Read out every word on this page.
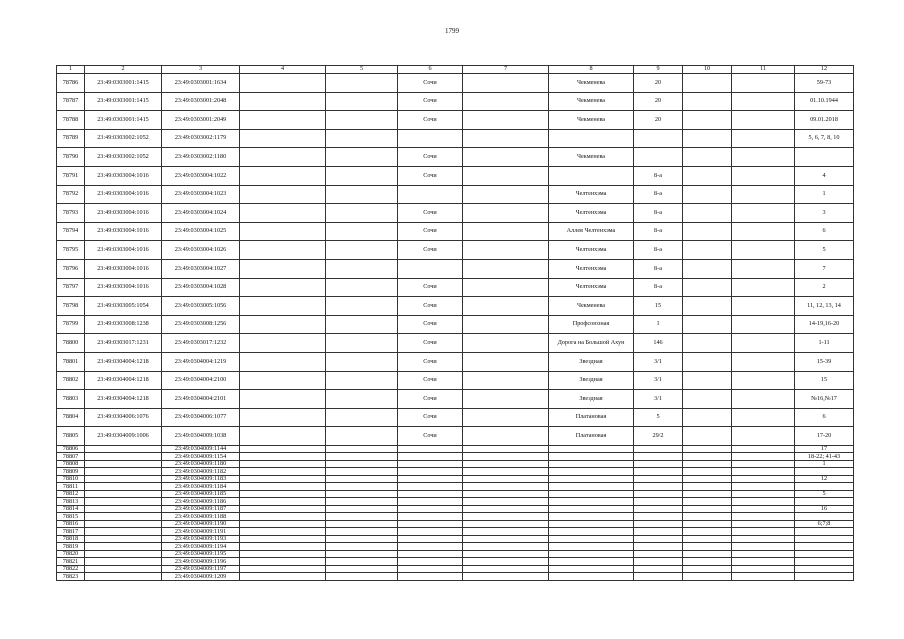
1799
1	2	3	4	5	6	7	8	9	10	11	12
78786	23:49:0303001:1415	23:49:0303001:1634			Сочи		Чекменева	20			59-73
78787	23:49:0303001:1415	23:49:0303001:2048			Сочи		Чекменева	20			01.10.1944
78788	23:49:0303001:1415	23:49:0303001:2049			Сочи		Чекменева	20			09.01.2018
78789	23:49:0303002:1052	23:49:0303002:1179									5, 6, 7, 8, 10
78790	23:49:0303002:1052	23:49:0303002:1180			Сочи		Чекменева				
78791	23:49:0303004:1016	23:49:0303004:1022			Сочи			8-а			4
78792	23:49:0303004:1016	23:49:0303004:1023					Челтенхэма	8-а			1
78793	23:49:0303004:1016	23:49:0303004:1024			Сочи		Челтенхэма	8-а			3
78794	23:49:0303004:1016	23:49:0303004:1025			Сочи		Аллея Челтенхэма	8-а			6
78795	23:49:0303004:1016	23:49:0303004:1026			Сочи		Челтенхэма	8-а			5
78796	23:49:0303004:1016	23:49:0303004:1027					Челтенхэма	8-а			7
78797	23:49:0303004:1016	23:49:0303004:1028			Сочи		Челтенхэма	8-а			2
78798	23:49:0303005:1054	23:49:0303005:1056			Сочи		Чекменева	15			11, 12, 13, 14
78799	23:49:0303008:1238	23:49:0303008:1256			Сочи		Профсоюзная	1			14-19,16-20
78800	23:49:0303017:1231	23:49:0303017:1232			Сочи		Дорога на Большой Ахун	146			1-11
78801	23:49:0304004:1218	23:49:0304004:1219			Сочи		Звездная	3/1			15-39
78802	23:49:0304004:1218	23:49:0304004:2100			Сочи		Звездная	3/1			15
78803	23:49:0304004:1218	23:49:0304004:2101			Сочи		Звездная	3/1			№16,№17
78804	23:49:0304006:1076	23:49:0304006:1077			Сочи		Платановая	5			6
78805	23:49:0304009:1006	23:49:0304009:1038			Сочи		Платановая	29/2			17-20
78806		23:49:0304009:1144									17
78807		23:49:0304009:1154									18-22; 41-43
78808		23:49:0304009:1180									1
78809		23:49:0304009:1182									
78810		23:49:0304009:1183									12
78811		23:49:0304009:1184									
78812		23:49:0304009:1185									5
78813		23:49:0304009:1186									
78814		23:49:0304009:1187									16
78815		23:49:0304009:1188									
78816		23:49:0304009:1190									6;7;8
78817		23:49:0304009:1191									
78818		23:49:0304009:1193									
78819		23:49:0304009:1194									
78820		23:49:0304009:1195									
78821		23:49:0304009:1196									
78822		23:49:0304009:1197									
78823		23:49:0304009:1209									
